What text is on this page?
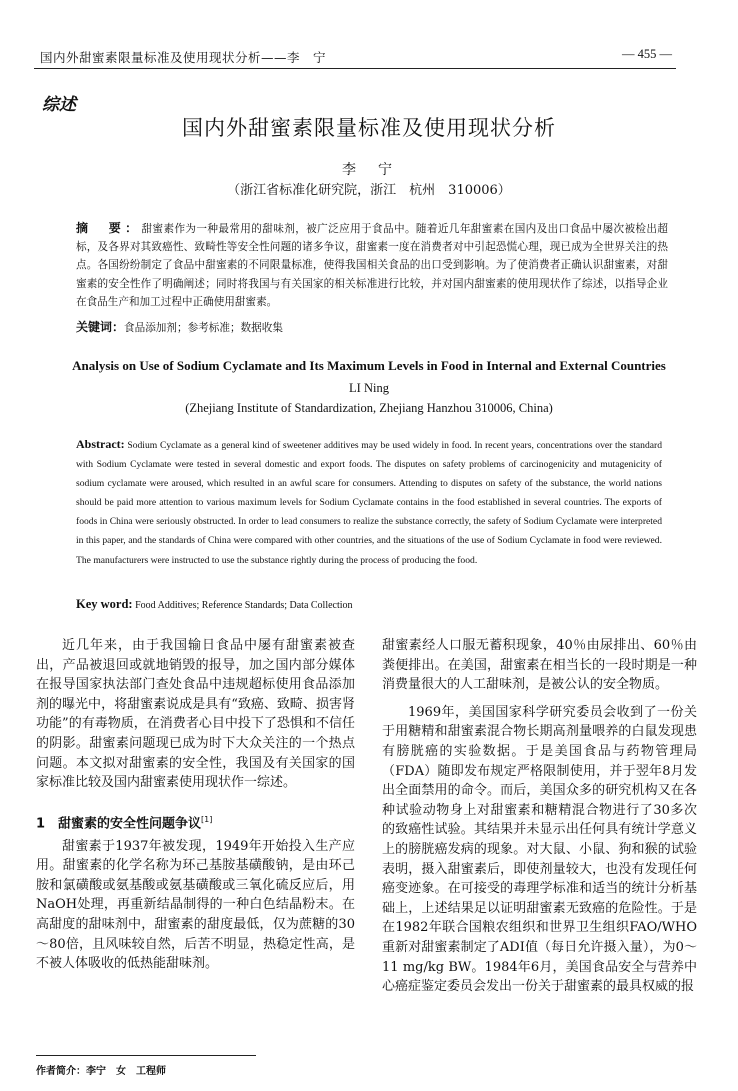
国内外甜蜜素限量标准及使用现状分析——李　宁	— 455 —
综述
国内外甜蜜素限量标准及使用现状分析
李　宁
（浙江省标准化研究院，浙江　杭州　310006）
摘　要：甜蜜素作为一种最常用的甜味剂，被广泛应用于食品中。随着近几年甜蜜素在国内及出口食品中屡次被检出超标，及各界对其致癌性、致畸性等安全性问题的诸多争议，甜蜜素一度在消费者对中引起恐慌心理，现已成为全世界关注的热点。各国纷纷制定了食品中甜蜜素的不同限量标准，使得我国相关食品的出口受到影响。为了使消费者正确认识甜蜜素，对甜蜜素的安全性作了明确阐述；同时将我国与有关国家的相关标准进行比较，并对国内甜蜜素的使用现状作了综述，以指导企业在食品生产和加工过程中正确使用甜蜜素。
关键词：食品添加剂；参考标准；数据收集
Analysis on Use of Sodium Cyclamate and Its Maximum Levels in Food in Internal and External Countries
LI Ning
(Zhejiang Institute of Standardization, Zhejiang Hanzhou 310006, China)
Abstract: Sodium Cyclamate as a general kind of sweetener additives may be used widely in food. In recent years, concentrations over the standard with Sodium Cyclamate were tested in several domestic and export foods. The disputes on safety problems of carcinogenicity and mutagenicity of sodium cyclamate were aroused, which resulted in an awful scare for consumers. Attending to disputes on safety of the substance, the world nations should be paid more attention to various maximum levels for Sodium Cyclamate contains in the food established in several countries. The exports of foods in China were seriously obstructed. In order to lead consumers to realize the substance correctly, the safety of Sodium Cyclamate were interpreted in this paper, and the standards of China were compared with other countries, and the situations of the use of Sodium Cyclamate in food were reviewed. The manufacturers were instructed to use the substance rightly during the process of producing the food.
Key word: Food Additives; Reference Standards; Data Collection

近几年来，由于我国输日食品中屡有甜蜜素被查出，产品被退回或就地销毁的报导，加之国内部分媒体在报导国家执法部门查处食品中违规超标使用食品添加剂的曝光中，将甜蜜素说成是具有“致癌、致畸、损害肾功能”的有毒物质，在消费者心目中投下了恐惧和不信任的阴影。甜蜜素问题现已成为时下大众关注的一个热点问题。本文拟对甜蜜素的安全性，我国及有关国家的国家标准比较及国内甜蜜素使用现状作一综述。

1　甜蜜素的安全性问题争议[1]

甜蜜素于1937年被发现，1949年开始投入生产应用。甜蜜素的化学名称为环己基胺基磺酸钠，是由环己胺和氯磺酸或氨基酸或氨基磺酸或三氧化硫反应后，用NaOH处理，再重新结晶制得的一种白色结晶粉末。在高甜度的甜味剂中，甜蜜素的甜度最低，仅为蔗糖的30～80倍，且风味较自然，后苦不明显，热稳定性高，是不被人体吸收的低热能甜味剂。

甜蜜素经人口服无蓄积现象，40％由尿排出、60％由粪便排出。在美国，甜蜜素在相当长的一段时期是一种消费量很大的人工甜味剂，是被公认的安全物质。

1969年，美国国家科学研究委员会收到了一份关于用糖精和甜蜜素混合物长期高剂量喂养的白鼠发现患有膀胱癌的实验数据。于是美国食品与药物管理局（FDA）随即发布规定严格限制使用，并于翌年8月发出全面禁用的命令。而后，美国众多的研究机构又在各种试验动物身上对甜蜜素和糖精混合物进行了30多次的致癌性试验。其结果并未显示出任何具有统计学意义上的膀胱癌发病的现象。对大鼠、小鼠、狗和猴的试验表明，摄入甜蜜素后，即使剂量较大，也没有发现任何癌变迹象。在可接受的毒理学标准和适当的统计分析基础上，上述结果足以证明甜蜜素无致癌的危险性。于是在1982年联合国粮农组织和世界卫生组织FAO/WHO重新对甜蜜素制定了ADI值（每日允许摄入量），为0～11 mg/kg BW。1984年6月，美国食品安全与营养中心癌症鉴定委员会发出一份关于甜蜜素的最具权威的报

作者简介：李宁　女　工程师
